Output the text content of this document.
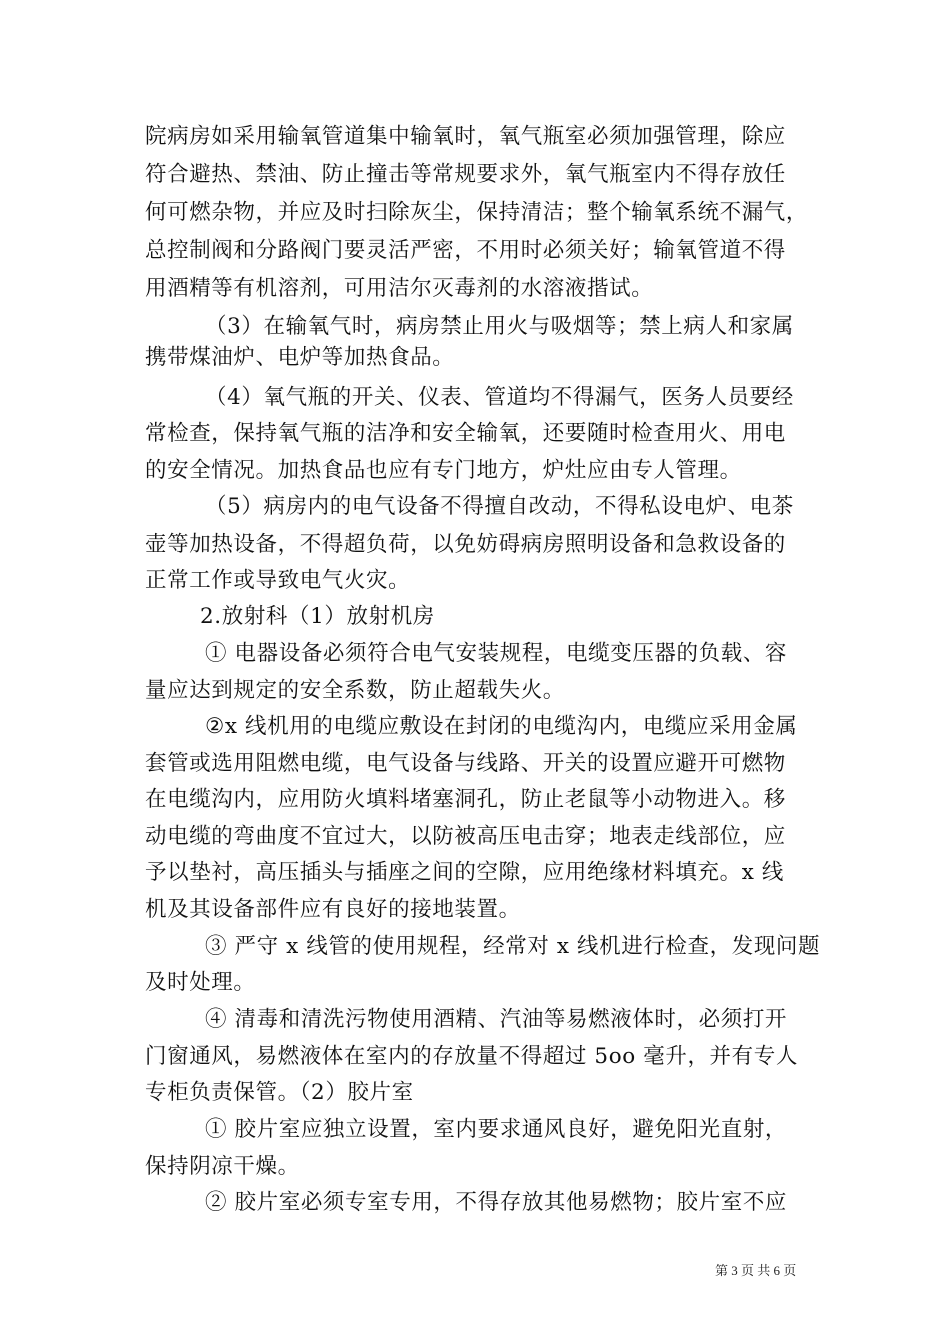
院病房如采用输氧管道集中输氧时，氧气瓶室必须加强管理，除应
符合避热、禁油、防止撞击等常规要求外，氧气瓶室内不得存放任
何可燃杂物，并应及时扫除灰尘，保持清洁；整个输氧系统不漏气，
总控制阀和分路阀门要灵活严密，不用时必须关好；输氧管道不得
用酒精等有机溶剂，可用洁尔灭毒剂的水溶液揩试。
（3）在输氧气时，病房禁止用火与吸烟等；禁上病人和家属
携带煤油炉、电炉等加热食品。
（4）氧气瓶的开关、仪表、管道均不得漏气，医务人员要经
常检查，保持氧气瓶的洁净和安全输氧，还要随时检查用火、用电
的安全情况。加热食品也应有专门地方，炉灶应由专人管理。
（5）病房内的电气设备不得擅自改动，不得私设电炉、电茶
壶等加热设备，不得超负荷，以免妨碍病房照明设备和急救设备的
正常工作或导致电气火灾。
2.放射科（1）放射机房
① 电器设备必须符合电气安装规程，电缆变压器的负载、容
量应达到规定的安全系数，防止超载失火。
②x 线机用的电缆应敷设在封闭的电缆沟内，电缆应采用金属
套管或选用阻燃电缆，电气设备与线路、开关的设置应避开可燃物
在电缆沟内，应用防火填料堵塞洞孔，防止老鼠等小动物进入。移
动电缆的弯曲度不宜过大，以防被高压电击穿；地表走线部位，应
予以垫衬，高压插头与插座之间的空隙，应用绝缘材料填充。x 线
机及其设备部件应有良好的接地装置。
③ 严守 x 线管的使用规程，经常对 x 线机进行检查，发现问题
及时处理。
④ 清毒和清洗污物使用酒精、汽油等易燃液体时，必须打开
门窗通风，易燃液体在室内的存放量不得超过 5oo 毫升，并有专人
专柜负责保管。（2）胶片室
① 胶片室应独立设置，室内要求通风良好，避免阳光直射，
保持阴凉干燥。
② 胶片室必须专室专用，不得存放其他易燃物；胶片室不应
第 3 页 共 6 页
